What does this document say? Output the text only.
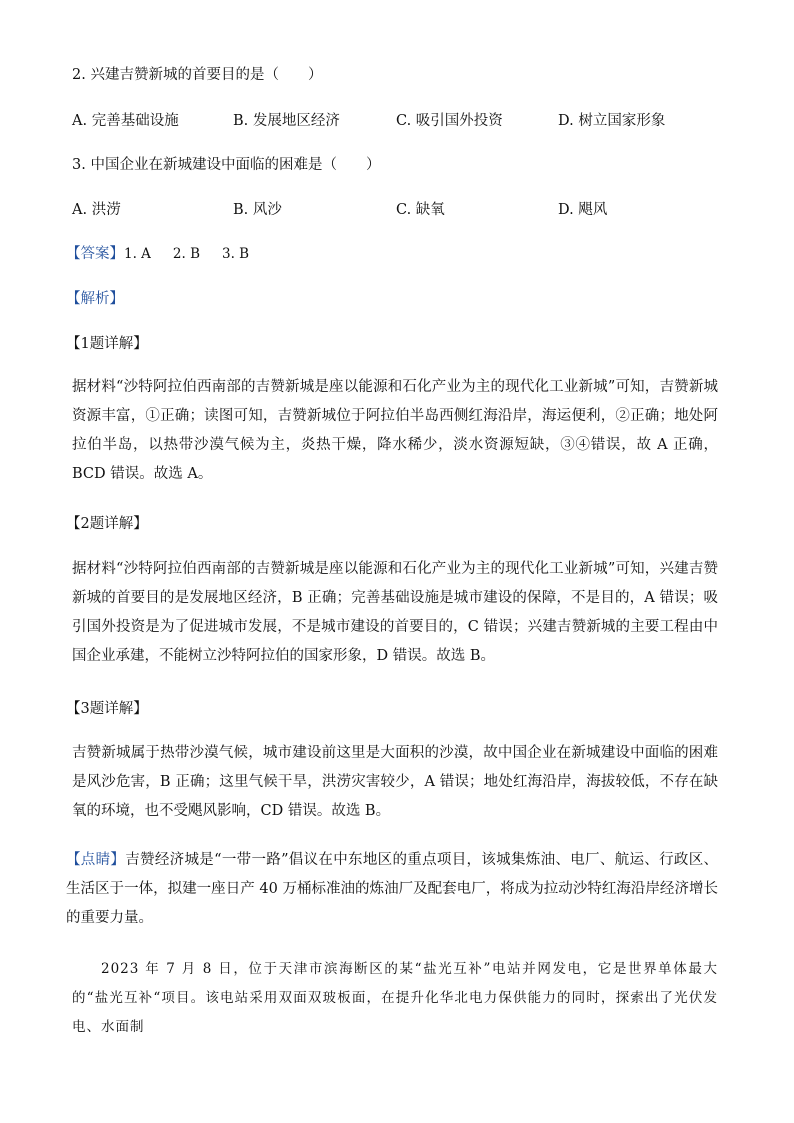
2. 兴建吉赞新城的首要目的是（　　）
A. 完善基础设施	B. 发展地区经济	C. 吸引国外投资	D. 树立国家形象
3. 中国企业在新城建设中面临的困难是（　　）
A. 洪涝	B. 风沙	C. 缺氧	D. 飓风
【答案】1. A 2. B 3. B
【解析】
【1题详解】
据材料“沙特阿拉伯西南部的吉赞新城是座以能源和石化产业为主的现代化工业新城”可知，吉赞新城资源丰富，①正确；读图可知，吉赞新城位于阿拉伯半岛西侧红海沿岸，海运便利，②正确；地处阿拉伯半岛，以热带沙漠气候为主，炎热干燥，降水稀少，淡水资源短缺，③④错误，故 A 正确，BCD 错误。故选 A。
【2题详解】
据材料“沙特阿拉伯西南部的吉赞新城是座以能源和石化产业为主的现代化工业新城”可知，兴建吉赞新城的首要目的是发展地区经济，B 正确；完善基础设施是城市建设的保障，不是目的，A 错误；吸引国外投资是为了促进城市发展，不是城市建设的首要目的，C 错误；兴建吉赞新城的主要工程由中国企业承建，不能树立沙特阿拉伯的国家形象，D 错误。故选 B。
【3题详解】
吉赞新城属于热带沙漠气候，城市建设前这里是大面积的沙漠，故中国企业在新城建设中面临的困难是风沙危害，B 正确；这里气候干旱，洪涝灾害较少，A 错误；地处红海沿岸，海拔较低，不存在缺氧的环境，也不受飓风影响，CD 错误。故选 B。
【点睛】吉赞经济城是“一带一路”倡议在中东地区的重点项目，该城集炼油、电厂、航运、行政区、生活区于一体，拟建一座日产 40 万桶标准油的炼油厂及配套电厂，将成为拉动沙特红海沿岸经济增长的重要力量。
2023 年 7 月 8 日，位于天津市滨海断区的某“盐光互补”电站并网发电，它是世界单体最大的“盐光互补“项目。该电站采用双面双玻板面，在提升化华北电力保供能力的同时，探索出了光伏发电、水面制
